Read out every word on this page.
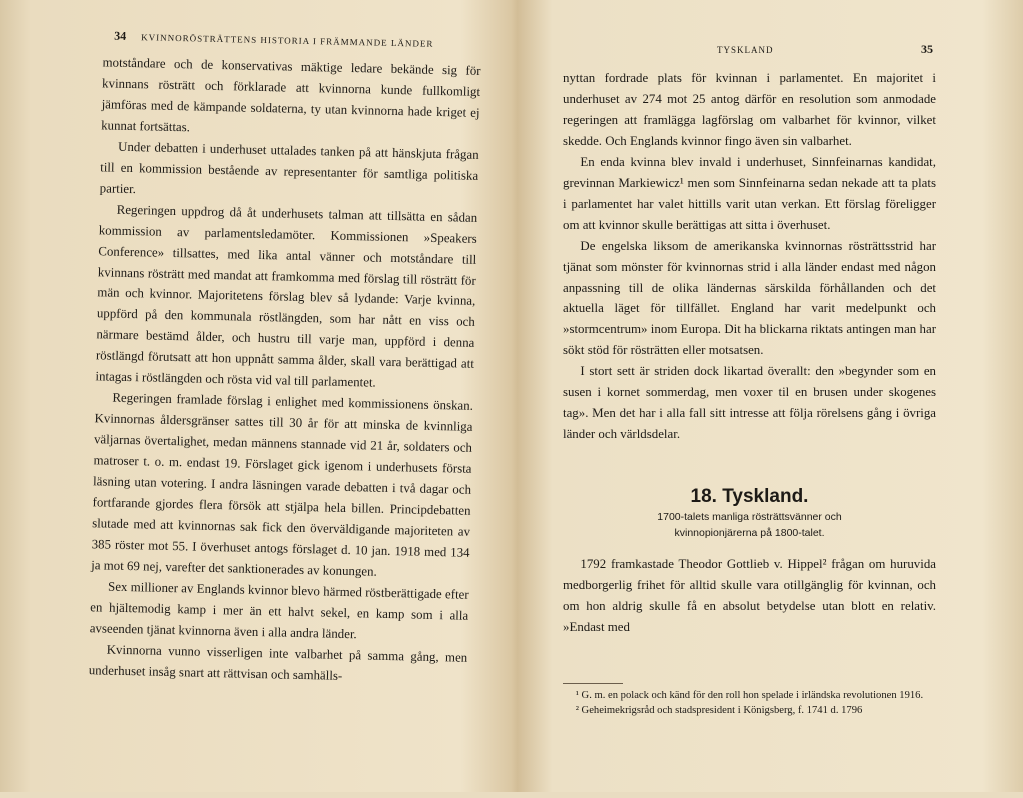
34 KVINNORÖSTRÄTTENS HISTORIA I FRÄMMANDE LÄNDER

motståndare och de konservativas mäktige ledare bekände sig för kvinnans rösträtt och förklarade att kvinnorna kunde fullkomligt jämföras med de kämpande soldaterna, ty utan kvinnorna hade kriget ej kunnat fortsättas.

Under debatten i underhuset uttalades tanken på att hänskjuta frågan till en kommission bestående av representanter för samtliga politiska partier.

Regeringen uppdrog då åt underhusets talman att tillsätta en sådan kommission av parlamentsledamöter. Kommissionen »Speakers Conference» tillsattes, med lika antal vänner och motståndare till kvinnans rösträtt med mandat att framkomma med förslag till rösträtt för män och kvinnor. Majoritetens förslag blev så lydande: Varje kvinna, uppförd på den kommunala röstlängden, som har nått en viss och närmare bestämd ålder, och hustru till varje man, uppförd i denna röstlängd förutsatt att hon uppnått samma ålder, skall vara berättigad att intagas i röstlängden och rösta vid val till parlamentet.

Regeringen framlade förslag i enlighet med kommissionens önskan. Kvinnornas åldersgränser sattes till 30 år för att minska de kvinnliga väljarnas övertalighet, medan männens stannade vid 21 år, soldaters och matroser t. o. m. endast 19. Förslaget gick igenom i underhusets första läsning utan votering. I andra läsningen varade debatten i två dagar och fortfarande gjordes flera försök att stjälpa hela billen. Principdebatten slutade med att kvinnornas sak fick den överväldigande majoriteten av 385 röster mot 55. I överhuset antogs förslaget d. 10 jan. 1918 med 134 ja mot 69 nej, varefter det sanktionerades av konungen.

Sex millioner av Englands kvinnor blevo härmed röstberättigade efter en hjältemodig kamp i mer än ett halvt sekel, en kamp som i alla avseenden tjänat kvinnorna även i alla andra länder.

Kvinnorna vunno visserligen inte valbarhet på samma gång, men underhuset insåg snart att rättvisan och samhälls-

TYSKLAND	35

nyttan fordrade plats för kvinnan i parlamentet. En majoritet i underhuset av 274 mot 25 antog därför en resolution som anmodade regeringen att framlägga lagförslag om valbarhet för kvinnor, vilket skedde. Och Englands kvinnor fingo även sin valbarhet.

En enda kvinna blev invald i underhuset, Sinnfeinarnas kandidat, grevinnan Markiewicz¹ men som Sinnfeinarna sedan nekade att ta plats i parlamentet har valet hittills varit utan verkan. Ett förslag föreligger om att kvinnor skulle berättigas att sitta i överhuset.

De engelska liksom de amerikanska kvinnornas rösträttsstrid har tjänat som mönster för kvinnornas strid i alla länder endast med någon anpassning till de olika ländernas särskilda förhållanden och det aktuella läget för tillfället. England har varit medelpunkt och »stormcentrum» inom Europa. Dit ha blickarna riktats antingen man har sökt stöd för rösträtten eller motsatsen.

I stort sett är striden dock likartad överallt: den »begynder som en susen i kornet sommerdag, men voxer til en brusen under skogenes tag». Men det har i alla fall sitt intresse att följa rörelsens gång i övriga länder och världsdelar.

18. Tyskland.
1700-talets manliga rösträttsvänner och
kvinnopionjärerna på 1800-talet.

1792 framkastade Theodor Gottlieb v. Hippel² frågan om huruvida medborgerlig frihet för alltid skulle vara otillgänglig för kvinnan, och om hon aldrig skulle få en absolut betydelse utan blott en relativ. »Endast med

¹ G. m. en polack och känd för den roll hon spelade i irländska revolutionen 1916.

² Geheimekrigsråd och stadspresident i Königsberg, f. 1741 d. 1796
